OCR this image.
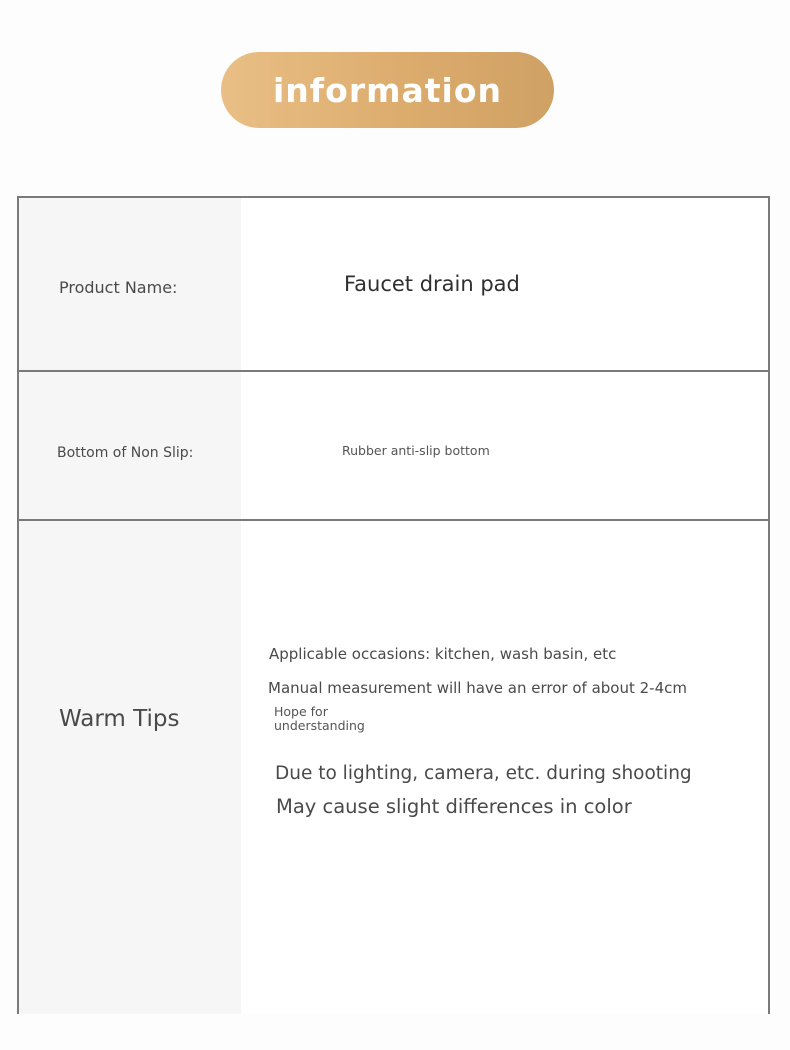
information
Product Name:	Faucet drain pad
Bottom of Non Slip:	Rubber anti-slip bottom
Warm Tips
Applicable occasions: kitchen, wash basin, etc
Manual measurement will have an error of about 2-4cm
Hope for understanding
Due to lighting, camera, etc. during shooting
May cause slight differences in color
